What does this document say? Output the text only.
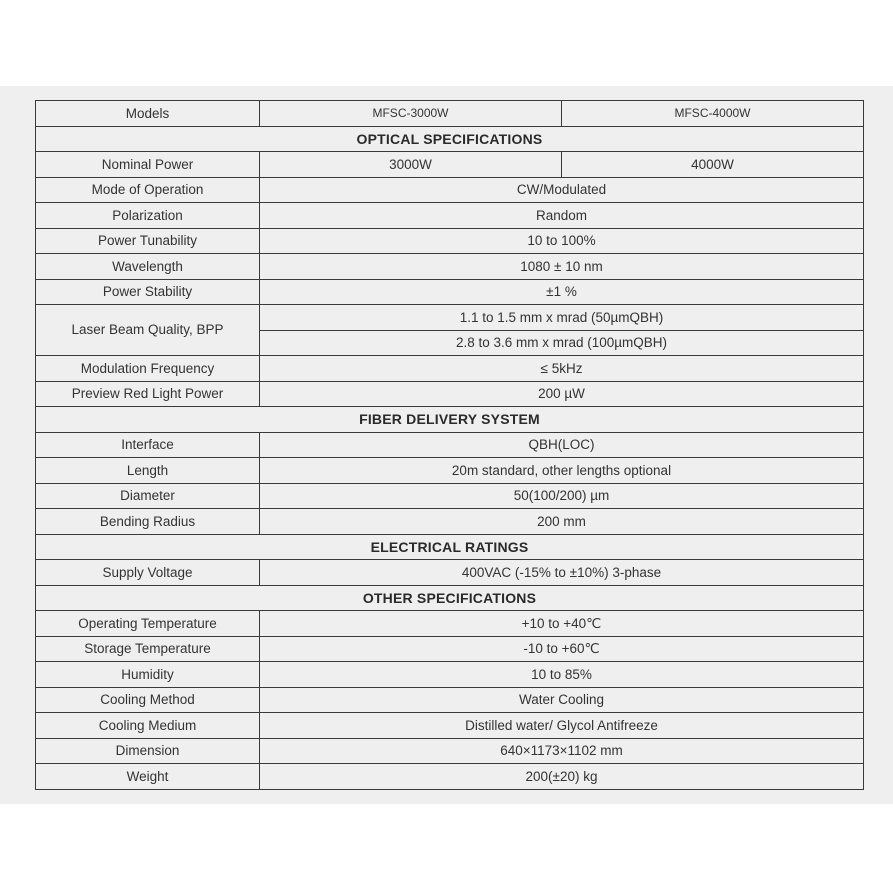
Models	MFSC-3000W	MFSC-4000W
OPTICAL SPECIFICATIONS		
Nominal Power	3000W	4000W
Mode of Operation	CW/Modulated	
Polarization	Random	
Power Tunability	10 to 100%	
Wavelength	1080 ± 10 nm	
Power Stability	±1 %	
Laser Beam Quality, BPP	1.1 to 1.5 mm x mrad (50µmQBH)	
	2.8 to 3.6 mm x mrad (100µmQBH)	
Modulation Frequency	≤ 5kHz	
Preview Red Light Power	200 µW	
FIBER DELIVERY SYSTEM		
Interface	QBH(LOC)	
Length	20m standard, other lengths optional	
Diameter	50(100/200) µm	
Bending Radius	200 mm	
ELECTRICAL RATINGS		
Supply Voltage	400VAC (-15% to ±10%) 3-phase	
OTHER SPECIFICATIONS		
Operating Temperature	+10 to +40℃	
Storage Temperature	-10 to +60℃	
Humidity	10 to 85%	
Cooling Method	Water Cooling	
Cooling Medium	Distilled water/ Glycol Antifreeze	
Dimension	640×1173×1102 mm	
Weight	200(±20) kg	
